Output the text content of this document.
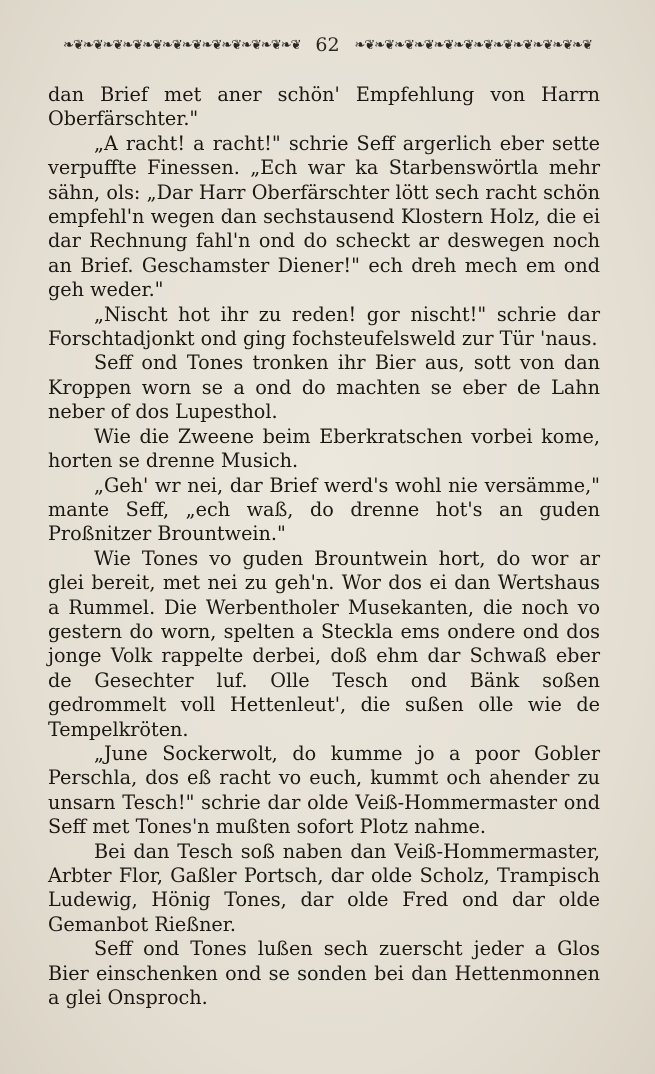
❧❦❧❦❧❦❧❦❧❦❧❦❧❦❧❦❧❦❧❦❧❦❧❦ 62	❧❦❧❦❧❦❧❦❧❦❧❦❧❦❧❦❧❦❧❦❧❦❧❦

dan Brief met aner schön' Empfehlung von Harrn Oberfärschter."

„A racht! a racht!" schrie Seff argerlich eber sette verpuffte Finessen. „Ech war ka Starbenswörtla mehr sähn, ols: „Dar Harr Oberfärschter lött sech racht schön empfehl'n wegen dan sechstausend Klostern Holz, die ei dar Rechnung fahl'n ond do scheckt ar deswegen noch an Brief. Geschamster Diener!" ech dreh mech em ond geh weder."

„Nischt hot ihr zu reden! gor nischt!" schrie dar Forschtadjonkt ond ging fochsteufelsweld zur Tür 'naus.

Seff ond Tones tronken ihr Bier aus, sott von dan Kroppen worn se a ond do machten se eber de Lahn neber of dos Lupesthol.

Wie die Zweene beim Eberkratschen vorbei kome, horten se drenne Musich.

„Geh' wr nei, dar Brief werd's wohl nie versämme," mante Seff, „ech waß, do drenne hot's an guden Proßnitzer Brountwein."

Wie Tones vo guden Brountwein hort, do wor ar glei bereit, met nei zu geh'n. Wor dos ei dan Wertshaus a Rummel. Die Werbentholer Musekanten, die noch vo gestern do worn, spelten a Steckla ems ondere ond dos jonge Volk rappelte derbei, doß ehm dar Schwaß eber de Gesechter luf. Olle Tesch ond Bänk soßen gedrommelt voll Hettenleut', die sußen olle wie de Tempelkröten.

„June Sockerwolt, do kumme jo a poor Gobler Perschla, dos eß racht vo euch, kummt och ahender zu unsarn Tesch!" schrie dar olde Veiß-Hommermaster ond Seff met Tones'n mußten sofort Plotz nahme.

Bei dan Tesch soß naben dan Veiß-Hommermaster, Arbter Flor, Gaßler Portsch, dar olde Scholz, Trampisch Ludewig, Hönig Tones, dar olde Fred ond dar olde Gemanbot Rießner.

Seff ond Tones lußen sech zuerscht jeder a Glos Bier einschenken ond se sonden bei dan Hettenmonnen a glei Onsproch.
